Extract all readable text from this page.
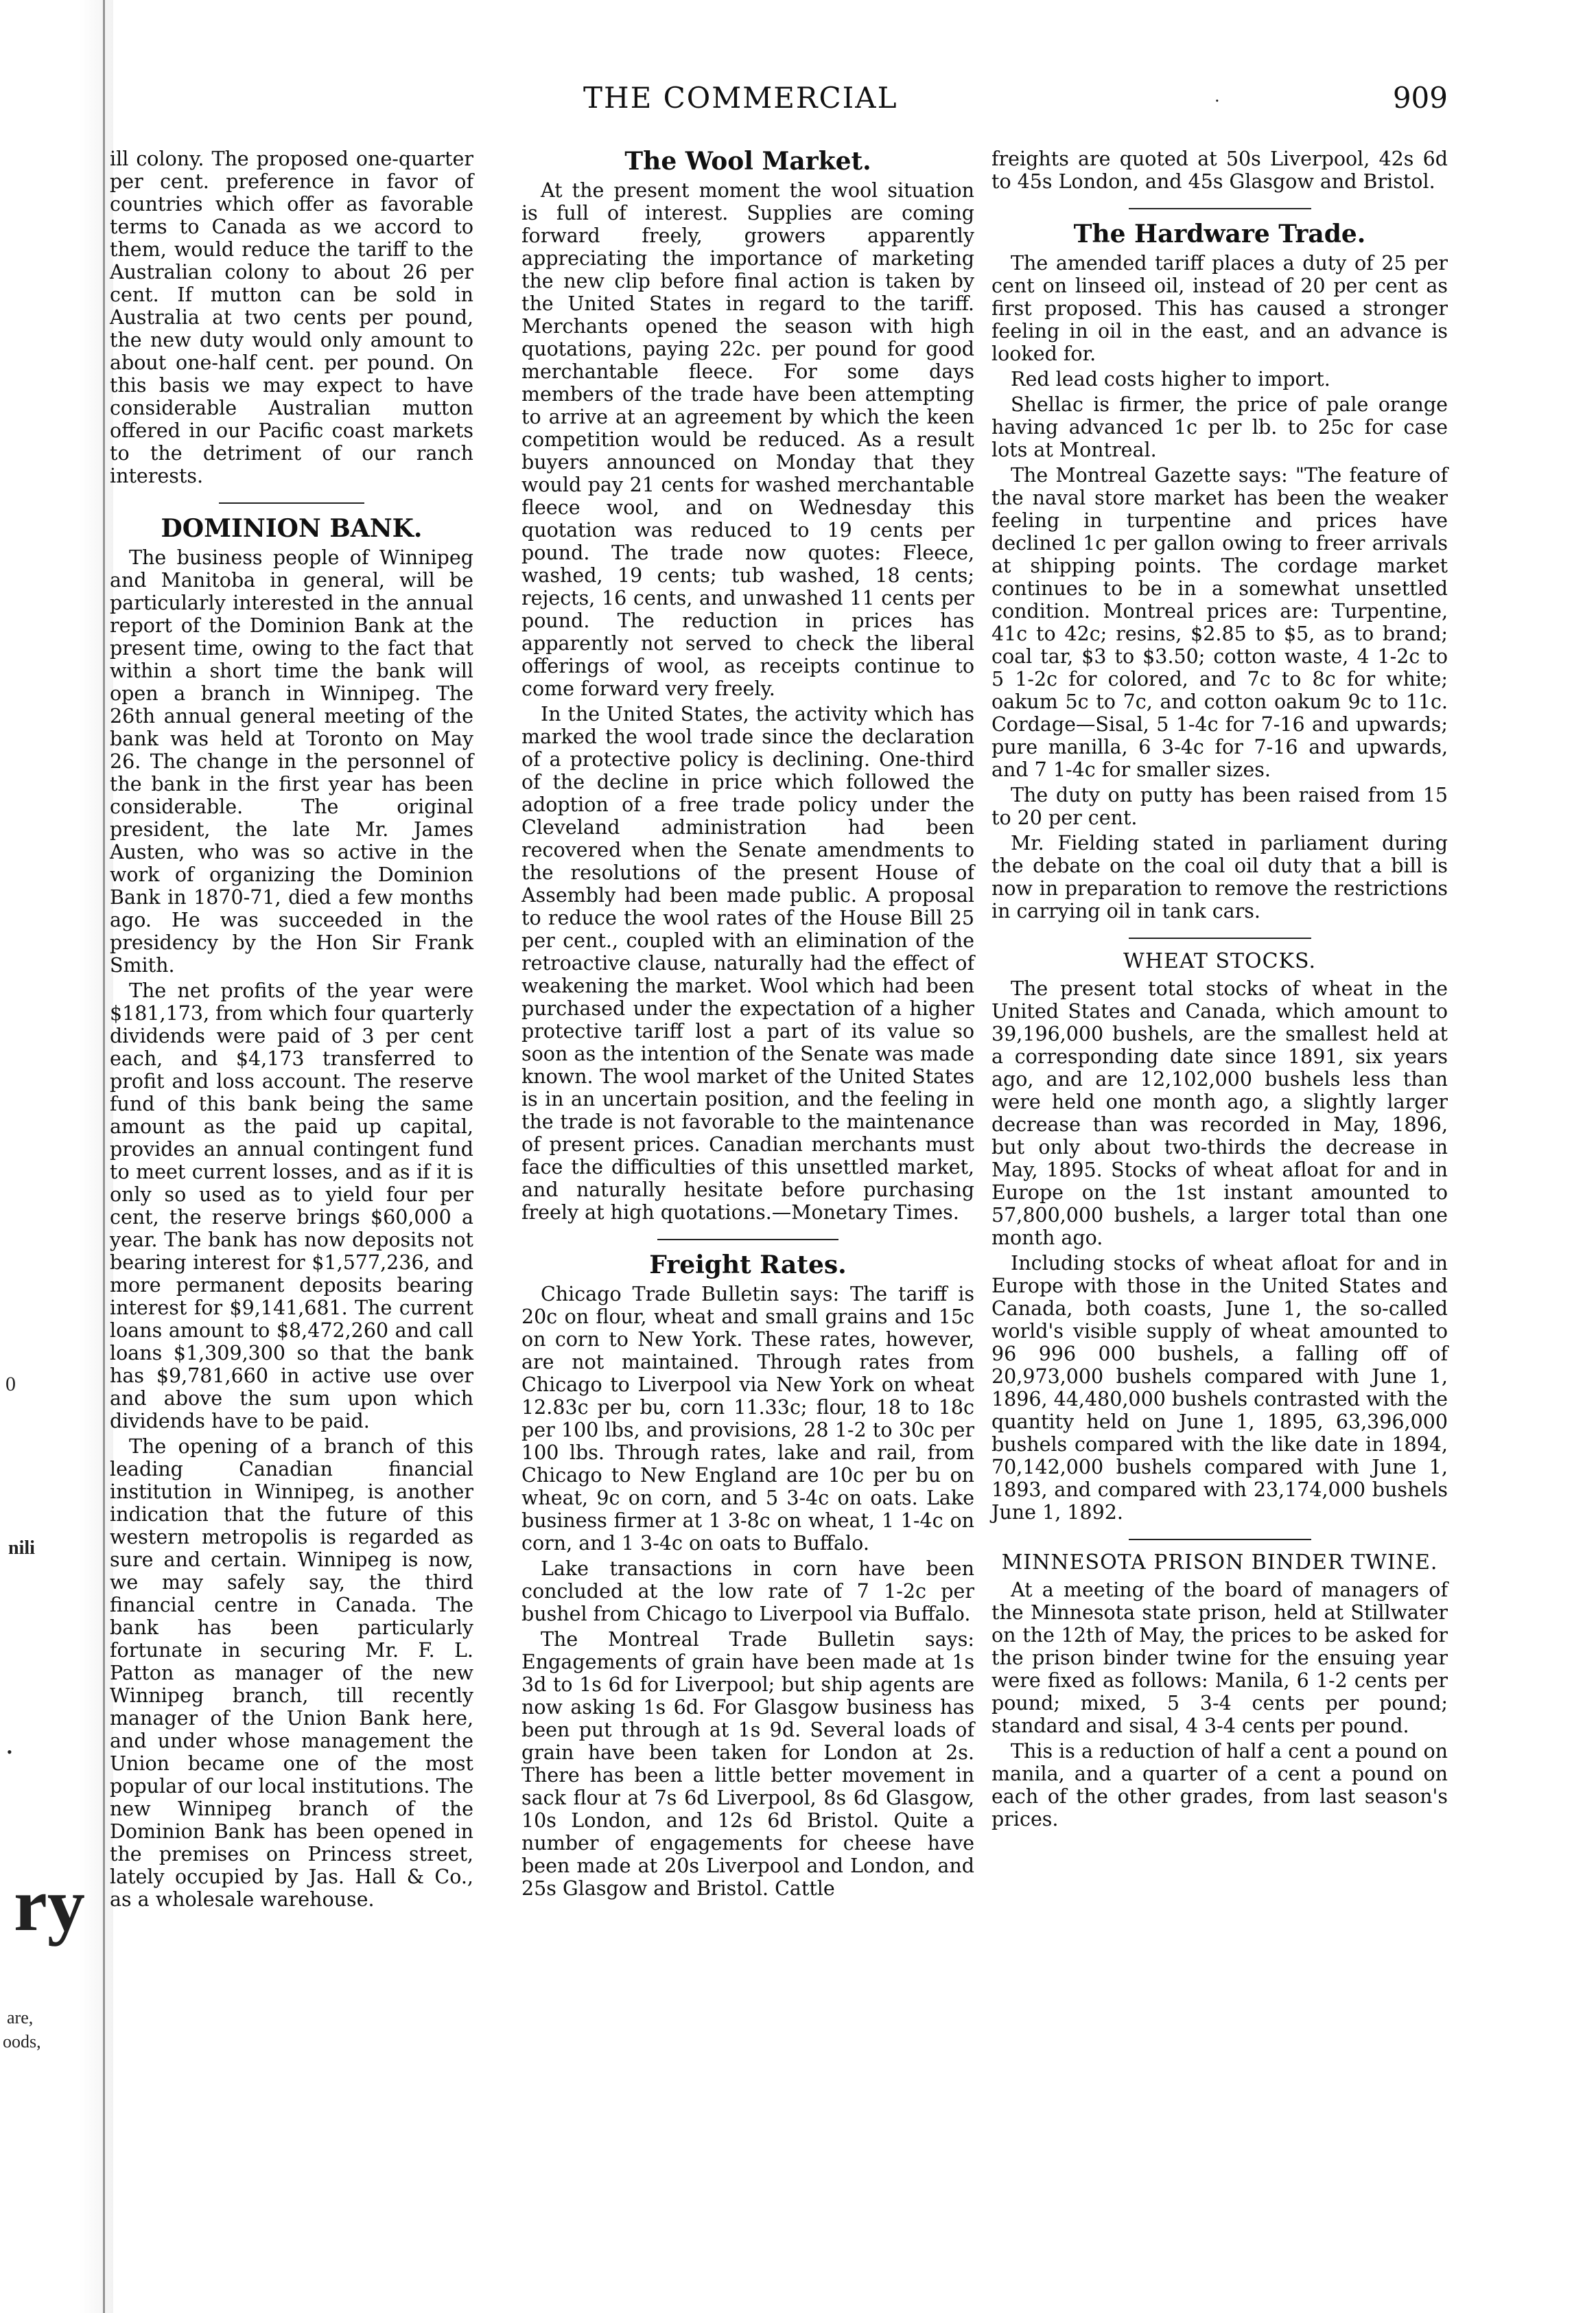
0
nili
•
ry
are,
oods,
THE COMMERCIAL	.	909

ill colony. The proposed one-quarter per cent. preference in favor of countries which offer as favorable terms to Canada as we accord to them, would reduce the tariff to the Australian colony to about 26 per cent. If mutton can be sold in Australia at two cents per pound, the new duty would only amount to about one-half cent. per pound. On this basis we may expect to have considerable Australian mutton offered in our Pacific coast markets to the detriment of our ranch interests.

DOMINION BANK.

The business people of Winnipeg and Manitoba in general, will be particularly interested in the annual report of the Dominion Bank at the present time, owing to the fact that within a short time the bank will open a branch in Winnipeg. The 26th annual general meeting of the bank was held at Toronto on May 26. The change in the personnel of the bank in the first year has been considerable. The original president, the late Mr. James Austen, who was so active in the work of organizing the Dominion Bank in 1870-71, died a few months ago. He was succeeded in the presidency by the Hon Sir Frank Smith.

The net profits of the year were $181,173, from which four quarterly dividends were paid of 3 per cent each, and $4,173 transferred to profit and loss account. The reserve fund of this bank being the same amount as the paid up capital, provides an annual contingent fund to meet current losses, and as if it is only so used as to yield four per cent, the reserve brings $60,000 a year. The bank has now deposits not bearing interest for $1,577,236, and more permanent deposits bearing interest for $9,141,681. The current loans amount to $8,472,260 and call loans $1,309,300 so that the bank has $9,781,660 in active use over and above the sum upon which dividends have to be paid.

The opening of a branch of this leading Canadian financial institution in Winnipeg, is another indication that the future of this western metropolis is regarded as sure and certain. Winnipeg is now, we may safely say, the third financial centre in Canada. The bank has been particularly fortunate in securing Mr. F. L. Patton as manager of the new Winnipeg branch, till recently manager of the Union Bank here, and under whose management the Union became one of the most popular of our local institutions. The new Winnipeg branch of the Dominion Bank has been opened in the premises on Princess street, lately occupied by Jas. Hall & Co., as a wholesale warehouse.

The Wool Market.

At the present moment the wool situation is full of interest. Supplies are coming forward freely, growers apparently appreciating the importance of marketing the new clip before final action is taken by the United States in regard to the tariff. Merchants opened the season with high quotations, paying 22c. per pound for good merchantable fleece. For some days members of the trade have been attempting to arrive at an agreement by which the keen competition would be reduced. As a result buyers announced on Monday that they would pay 21 cents for washed merchantable fleece wool, and on Wednesday this quotation was reduced to 19 cents per pound. The trade now quotes: Fleece, washed, 19 cents; tub washed, 18 cents; rejects, 16 cents, and unwashed 11 cents per pound. The reduction in prices has apparently not served to check the liberal offerings of wool, as receipts continue to come forward very freely.

In the United States, the activity which has marked the wool trade since the declaration of a protective policy is declining. One-third of the decline in price which followed the adoption of a free trade policy under the Cleveland administration had been recovered when the Senate amendments to the resolutions of the present House of Assembly had been made public. A proposal to reduce the wool rates of the House Bill 25 per cent., coupled with an elimination of the retroactive clause, naturally had the effect of weakening the market. Wool which had been purchased under the expectation of a higher protective tariff lost a part of its value so soon as the intention of the Senate was made known. The wool market of the United States is in an uncertain position, and the feeling in the trade is not favorable to the maintenance of present prices. Canadian merchants must face the difficulties of this unsettled market, and naturally hesitate before purchasing freely at high quotations.—Monetary Times.

Freight Rates.

Chicago Trade Bulletin says: The tariff is 20c on flour, wheat and small grains and 15c on corn to New York. These rates, however, are not maintained. Through rates from Chicago to Liverpool via New York on wheat 12.83c per bu, corn 11.33c; flour, 18 to 18c per 100 lbs, and provisions, 28 1-2 to 30c per 100 lbs. Through rates, lake and rail, from Chicago to New England are 10c per bu on wheat, 9c on corn, and 5 3-4c on oats. Lake business firmer at 1 3-8c on wheat, 1 1-4c on corn, and 1 3-4c on oats to Buffalo.

Lake transactions in corn have been concluded at the low rate of 7 1-2c per bushel from Chicago to Liverpool via Buffalo.

The Montreal Trade Bulletin says: Engagements of grain have been made at 1s 3d to 1s 6d for Liverpool; but ship agents are now asking 1s 6d. For Glasgow business has been put through at 1s 9d. Several loads of grain have been taken for London at 2s. There has been a little better movement in sack flour at 7s 6d Liverpool, 8s 6d Glasgow, 10s London, and 12s 6d Bristol. Quite a number of engagements for cheese have been made at 20s Liverpool and London, and 25s Glasgow and Bristol. Cattle

freights are quoted at 50s Liverpool, 42s 6d to 45s London, and 45s Glasgow and Bristol.

The Hardware Trade.

The amended tariff places a duty of 25 per cent on linseed oil, instead of 20 per cent as first proposed. This has caused a stronger feeling in oil in the east, and an advance is looked for.

Red lead costs higher to import.

Shellac is firmer, the price of pale orange having advanced 1c per lb. to 25c for case lots at Montreal.

The Montreal Gazette says: "The feature of the naval store market has been the weaker feeling in turpentine and prices have declined 1c per gallon owing to freer arrivals at shipping points. The cordage market continues to be in a somewhat unsettled condition. Montreal prices are: Turpentine, 41c to 42c; resins, $2.85 to $5, as to brand; coal tar, $3 to $3.50; cotton waste, 4 1-2c to 5 1-2c for colored, and 7c to 8c for white; oakum 5c to 7c, and cotton oakum 9c to 11c. Cordage—Sisal, 5 1-4c for 7-16 and upwards; pure manilla, 6 3-4c for 7-16 and upwards, and 7 1-4c for smaller sizes.

The duty on putty has been raised from 15 to 20 per cent.

Mr. Fielding stated in parliament during the debate on the coal oil duty that a bill is now in preparation to remove the restrictions in carrying oil in tank cars.

WHEAT STOCKS.

The present total stocks of wheat in the United States and Canada, which amount to 39,196,000 bushels, are the smallest held at a corresponding date since 1891, six years ago, and are 12,102,000 bushels less than were held one month ago, a slightly larger decrease than was recorded in May, 1896, but only about two-thirds the decrease in May, 1895. Stocks of wheat afloat for and in Europe on the 1st instant amounted to 57,800,000 bushels, a larger total than one month ago.

Including stocks of wheat afloat for and in Europe with those in the United States and Canada, both coasts, June 1, the so-called world's visible supply of wheat amounted to 96 996 000 bushels, a falling off of 20,973,000 bushels compared with June 1, 1896, 44,480,000 bushels contrasted with the quantity held on June 1, 1895, 63,396,000 bushels compared with the like date in 1894, 70,142,000 bushels compared with June 1, 1893, and compared with 23,174,000 bushels June 1, 1892.

MINNESOTA PRISON BINDER TWINE.

At a meeting of the board of managers of the Minnesota state prison, held at Stillwater on the 12th of May, the prices to be asked for the prison binder twine for the ensuing year were fixed as follows: Manila, 6 1-2 cents per pound; mixed, 5 3-4 cents per pound; standard and sisal, 4 3-4 cents per pound.

This is a reduction of half a cent a pound on manila, and a quarter of a cent a pound on each of the other grades, from last season's prices.
